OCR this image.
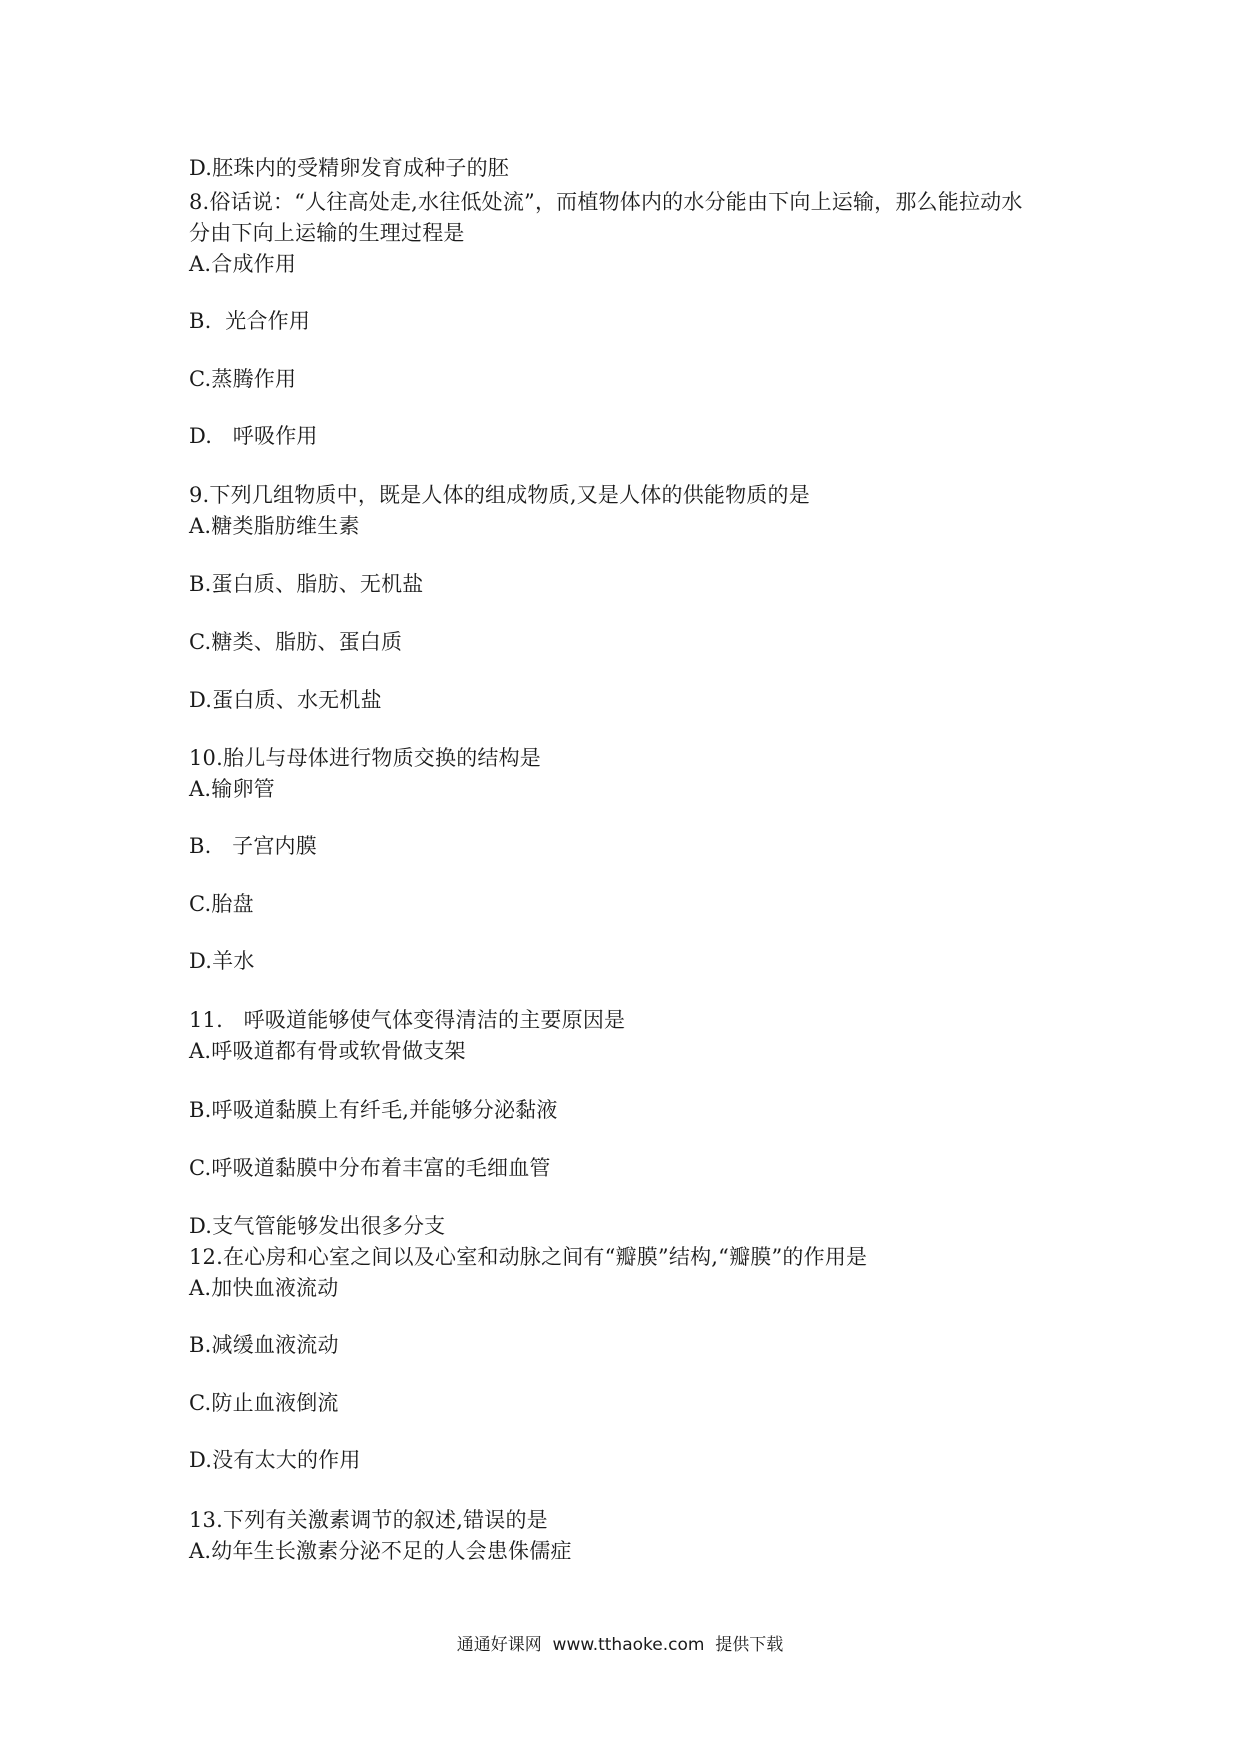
D.胚珠内的受精卵发育成种子的胚
8.俗话说：“人往高处走,水往低处流”，而植物体内的水分能由下向上运输，那么能拉动水
分由下向上运输的生理过程是
A.合成作用
B.  光合作用
C.蒸腾作用
D.   呼吸作用
9.下列几组物质中，既是人体的组成物质,又是人体的供能物质的是
A.糖类脂肪维生素
B.蛋白质、脂肪、无机盐
C.糖类、脂肪、蛋白质
D.蛋白质、水无机盐
10.胎儿与母体进行物质交换的结构是
A.输卵管
B.   子宫内膜
C.胎盘
D.羊水
11.   呼吸道能够使气体变得清洁的主要原因是
A.呼吸道都有骨或软骨做支架
B.呼吸道黏膜上有纤毛,并能够分泌黏液
C.呼吸道黏膜中分布着丰富的毛细血管
D.支气管能够发出很多分支
12.在心房和心室之间以及心室和动脉之间有“瓣膜”结构,“瓣膜”的作用是
A.加快血液流动
B.减缓血液流动
C.防止血液倒流
D.没有太大的作用
13.下列有关激素调节的叙述,错误的是
A.幼年生长激素分泌不足的人会患侏儒症
通通好课网  www.tthaoke.com  提供下载
